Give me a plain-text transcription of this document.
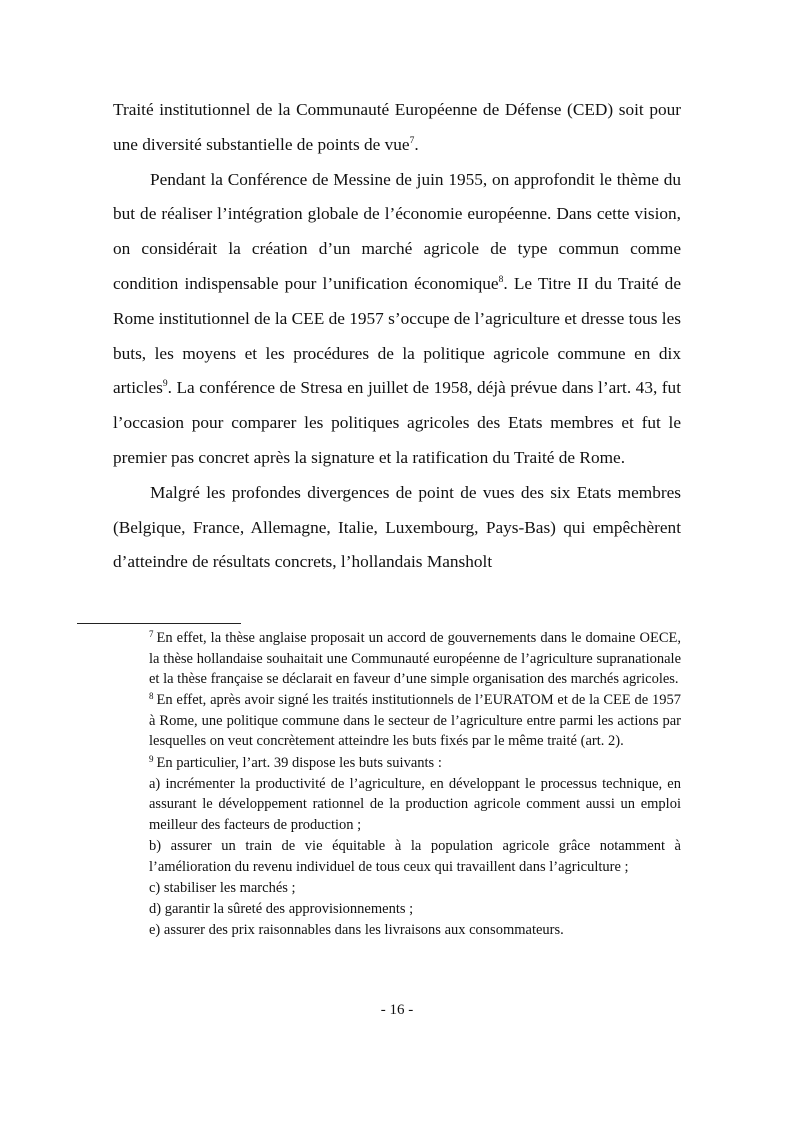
Traité institutionnel de la Communauté Européenne de Défense (CED) soit pour une diversité substantielle de points de vue$^7$.

Pendant la Conférence de Messine de juin 1955, on approfondit le thème du but de réaliser l’intégration globale de l’économie européenne. Dans cette vision, on considérait la création d’un marché agricole de type commun comme condition indispensable pour l’unification économique$^8$. Le Titre II du Traité de Rome institutionnel de la CEE de 1957 s’occupe de l’agriculture et dresse tous les buts, les moyens et les procédures de la politique agricole commune en dix articles$^9$. La conférence de Stresa en juillet de 1958, déjà prévue dans l’art. 43, fut l’occasion pour comparer les politiques agricoles des Etats membres et fut le premier pas concret après la signature et la ratification du Traité de Rome.

Malgré les profondes divergences de point de vues des six Etats membres (Belgique, France, Allemagne, Italie, Luxembourg, Pays-Bas) qui empêchèrent d’atteindre de résultats concrets, l’hollandais Mansholt

$^7$ En effet, la thèse anglaise proposait un accord de gouvernements dans le domaine OECE, la thèse hollandaise souhaitait une Communauté européenne de l’agriculture supranationale et la thèse française se déclarait en faveur d’une simple organisation des marchés agricoles.

$^8$ En effet, après avoir signé les traités institutionnels de l’EURATOM et de la CEE de 1957 à Rome, une politique commune dans le secteur de l’agriculture entre parmi les actions par lesquelles on veut concrètement atteindre les buts fixés par le même traité (art. 2).

$^9$ En particulier, l’art. 39 dispose les buts suivants :

a) incrémenter la productivité de l’agriculture, en développant le processus technique, en assurant le développement rationnel de la production agricole comment aussi un emploi meilleur des facteurs de production ;

b) assurer un train de vie équitable à la population agricole grâce notamment à l’amélioration du revenu individuel de tous ceux qui travaillent dans l’agriculture ;

c) stabiliser les marchés ;

d) garantir la sûreté des approvisionnements ;

e) assurer des prix raisonnables dans les livraisons aux consommateurs.

- 16 -
